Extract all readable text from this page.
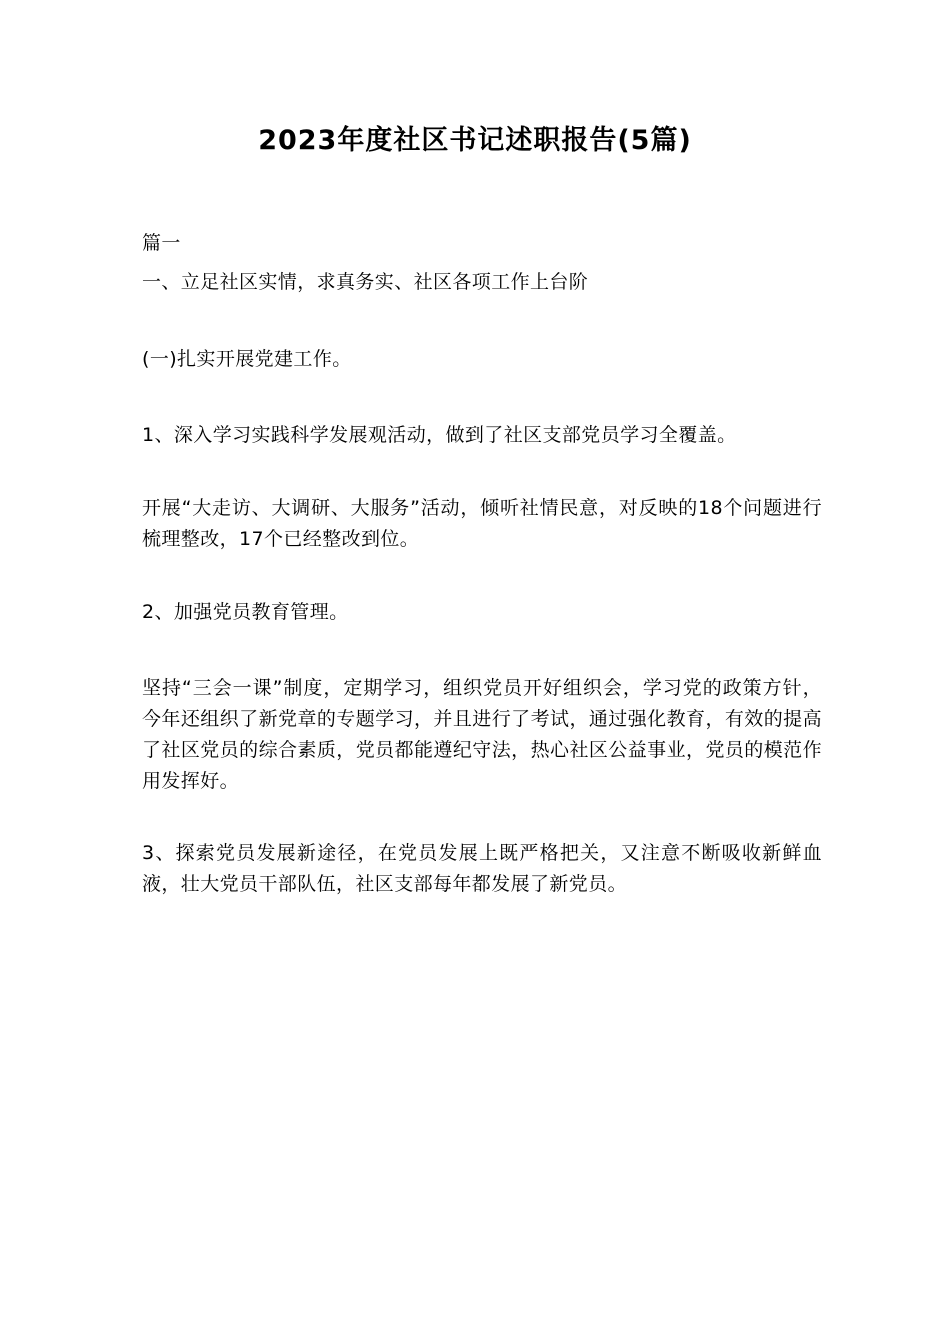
2023年度社区书记述职报告(5篇)

篇一

一、立足社区实情，求真务实、社区各项工作上台阶

(一)扎实开展党建工作。

1、深入学习实践科学发展观活动，做到了社区支部党员学习全覆盖。

开展“大走访、大调研、大服务”活动，倾听社情民意，对反映的18个问题进行梳理整改，17个已经整改到位。

2、加强党员教育管理。

坚持“三会一课”制度，定期学习，组织党员开好组织会，学习党的政策方针，今年还组织了新党章的专题学习，并且进行了考试，通过强化教育，有效的提高了社区党员的综合素质，党员都能遵纪守法，热心社区公益事业，党员的模范作用发挥好。

3、探索党员发展新途径，在党员发展上既严格把关，又注意不断吸收新鲜血液，壮大党员干部队伍，社区支部每年都发展了新党员。
